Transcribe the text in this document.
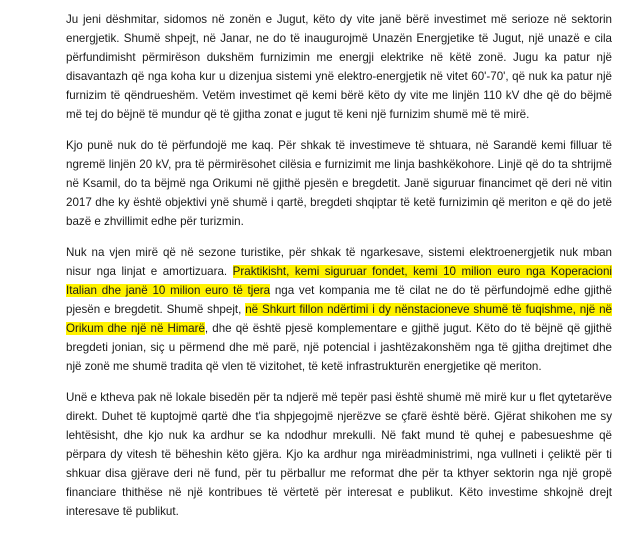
Ju jeni dëshmitar, sidomos në zonën e Jugut, këto dy vite janë bërë investimet më serioze në sektorin energjetik. Shumë shpejt, në Janar, ne do të inaugurojmë Unazën Energjetike të Jugut, një unazë e cila përfundimisht përmirëson dukshëm furnizimin me energji elektrike në këtë zonë. Jugu ka patur një disavantazh që nga koha kur u dizenjua sistemi ynë elektro-energjetik në vitet 60'-70', që nuk ka patur një furnizim të qëndrueshëm. Vetëm investimet që kemi bërë këto dy vite me linjën 110 kV dhe që do bëjmë më tej do bëjnë të mundur që të gjitha zonat e jugut të keni një furnizim shumë më të mirë.

Kjo punë nuk do të përfundojë me kaq. Për shkak të investimeve të shtuara, në Sarandë kemi filluar të ngremë linjën 20 kV, pra të përmirësohet cilësia e furnizimit me linja bashkëkohore. Linjë që do ta shtrijmë në Ksamil, do ta bëjmë nga Orikumi në gjithë pjesën e bregdetit. Janë siguruar financimet që deri në vitin 2017 dhe ky është objektivi ynë shumë i qartë, bregdeti shqiptar të ketë furnizimin që meriton e që do jetë bazë e zhvillimit edhe për turizmin.

Nuk na vjen mirë që në sezone turistike, për shkak të ngarkesave, sistemi elektroenergjetik nuk mban nisur nga linjat e amortizuara. Praktikisht, kemi siguruar fondet, kemi 10 milion euro nga Koperacioni Italian dhe janë 10 milion euro të tjera nga vet kompania me të cilat ne do të përfundojmë edhe gjithë pjesën e bregdetit. Shumë shpejt, në Shkurt fillon ndërtimi i dy nënstacioneve shumë të fuqishme, një në Orikum dhe një në Himarë, dhe që është pjesë komplementare e gjithë jugut. Këto do të bëjnë që gjithë bregdeti jonian, siç u përmend dhe më parë, një potencial i jashtëzakonshëm nga të gjitha drejtimet dhe një zonë me shumë tradita që vlen të vizitohet, të ketë infrastrukturën energjetike që meriton.

Unë e ktheva pak në lokale bisedën për ta ndjerë më tepër pasi është shumë më mirë kur u flet qytetarëve direkt. Duhet të kuptojmë qartë dhe t'ia shpjegojmë njerëzve se çfarë është bërë. Gjërat shikohen me sy lehtësisht, dhe kjo nuk ka ardhur se ka ndodhur mrekulli. Në fakt mund të quhej e pabesueshme që përpara dy vitesh të bëheshin këto gjëra. Kjo ka ardhur nga mirëadministrimi, nga vullneti i çeliktë për ti shkuar disa gjërave deri në fund, për tu përballur me reformat dhe për ta kthyer sektorin nga një gropë financiare thithëse në një kontribues të vërtetë për interesat e publikut. Këto investime shkojnë drejt interesave të publikut.
